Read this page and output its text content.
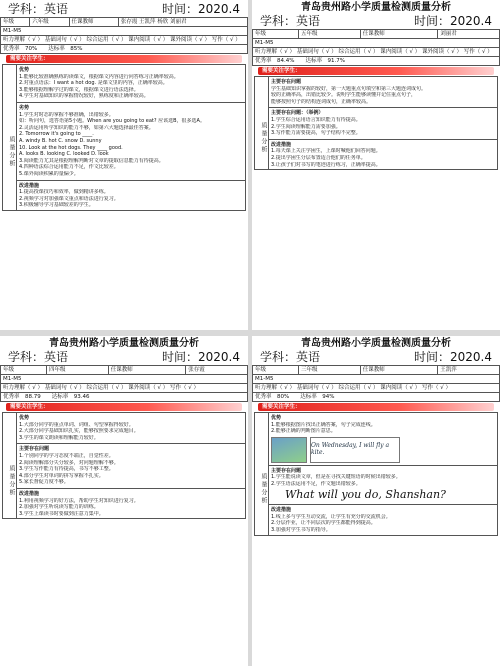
学科：英语	时间：2020.4
年级	六年级	任课教师	张存霞 王凯萍 杨欣 刘丽君
M1-M5
听力理解（ √ ） 基础词句（ √ ） 综合运用（ √ ） 课内阅读（ √ ） 课外阅读（ √ ） 写作（ √ ）
优秀率　70%　　达标率　85%
需要关注学生：
质量分析
优势
1.能够比较准确熟练的读课文，根据课文内容进行问答练习正确率较高。
2.对重点语法：I want a hot dog. 是课文里的内容，正确率较高。
3.能够根据理解学过的课文，根据课文进行语法选择。
4.学生对基础知识的掌握情况较好，熟练度和正确率较高。
劣势
1.学生对时态的掌握不够准确，出错较多。
如：听问句，选答语第5小题。When are you going to eat? 应该选B，很多选A。
2.灵活运用所学知识的能力不够，如第六大题选择最佳答案。
2. Tomorrow it's going to ____.
A. windy B. hot C. snow D. sunny
10. Look at the hot dogs. They ____ good.
A. looks B. looking C. looked D. look
3.阅读能力尤其是根据理解判断对文章的提取信息能力有待提高。
4.四种语法综合运用能力不足，作文比较差。
5.课外阅读积累的量偏少。
改进措施
1.提高授课技巧和效率，做到精讲多练。
2.视频学习对加强课文重点和语法进行复习。
3.积极辅导学习基础较差的学生。
青岛贵州路小学质量检测质量分析
学科：英语	时间：2020.4
年级	五年级	任课教师	刘丽君
M1-M5
听力理解（ √ ） 基础词句（ √ ） 综合运用（ √ ） 课内阅读（ √ ） 课外阅读（ √ ） 写作（ √ ）
优秀率　84.4%　　达标率　91.7%
需要关注学生：
质量分析
主要存在问题
学生基础知识掌握的较好，第一大题重点句填空和第三大题连词成句。
较的正确率高，出错比较少。说明学生能够读懂并记住重点句子，
能够按照句子的结构连词成句，正确率较高。
主要存在问题：（举例）
1.学生综合运用语言知识能力有待提高。
2.学生阅读理解能力需要加强。
3.写作能力需要提高，句子结构不完整。
改进措施
1.每天课上关注学困生，上课时喊他们回答问题。
2.提出学困生分层布置适合他们的任务单。
3.让孩子们对书写的笔迹进行练习，正确率提高。
青岛贵州路小学质量检测质量分析
学科：英语	时间：2020.4
年级	四年级	任课教师	张存霞
M1-M5
听力理解（ √ ） 基础词句（ √ ） 综合运用（ √ ） 课外阅读（ √ ） 写作（ √ ）
优秀率　88.79　　达标率　93.46
需要关注学生：
质量分析
优势
1.大部分同学的重点单词、词组、句型掌握得较好。
2.大部分同学基础知识扎实，能够按照要求完成题目。
3.学生的课文朗读和理解能力较好。
主要存在问题
1.个别同学的学习态度不端正，自觉性差。
2.阅读理解部分失分较多，对问题理解不够。
3.学生写作能力有待提高，书写不够工整。
4.部分学生对单词的拼写掌握不扎实。
5.家长督促力度不够。
改进措施
1.利用视频学习的好方法，帮助学生对知识进行复习。
2.加强对学生听说读写能力的训练。
3.学生上课读书时要做到注意力集中。
青岛贵州路小学质量检测质量分析
学科：英语	时间：2020.4
年级	三年级	任课教师	王凯萍
M1-M5
听力理解（ √ ） 基础词句（ √ ） 综合运用（ √ ） 课内阅读（ √ ） 写作（ √ ）
优秀率　80%　　达标率　94%
需要关注学生：
质量分析
优势
1.能够根据图片找出正确答案，句子完成连线。
2.能够正确的判断图片意思。
On Wednesday, I will fly a kite.
主要存在问题
1.学生能说读文章，但是在寻找关键短语的时候出错较多。
2.学生语法运用不足，作文题出错较多。
What will you do, Shanshan?
改进措施
1.线上多与学生互动交流，让学生有充分的交流机会。
2.分层作业，让不同层次的学生都能得到提高。
3.加强对学生书写的指导。
